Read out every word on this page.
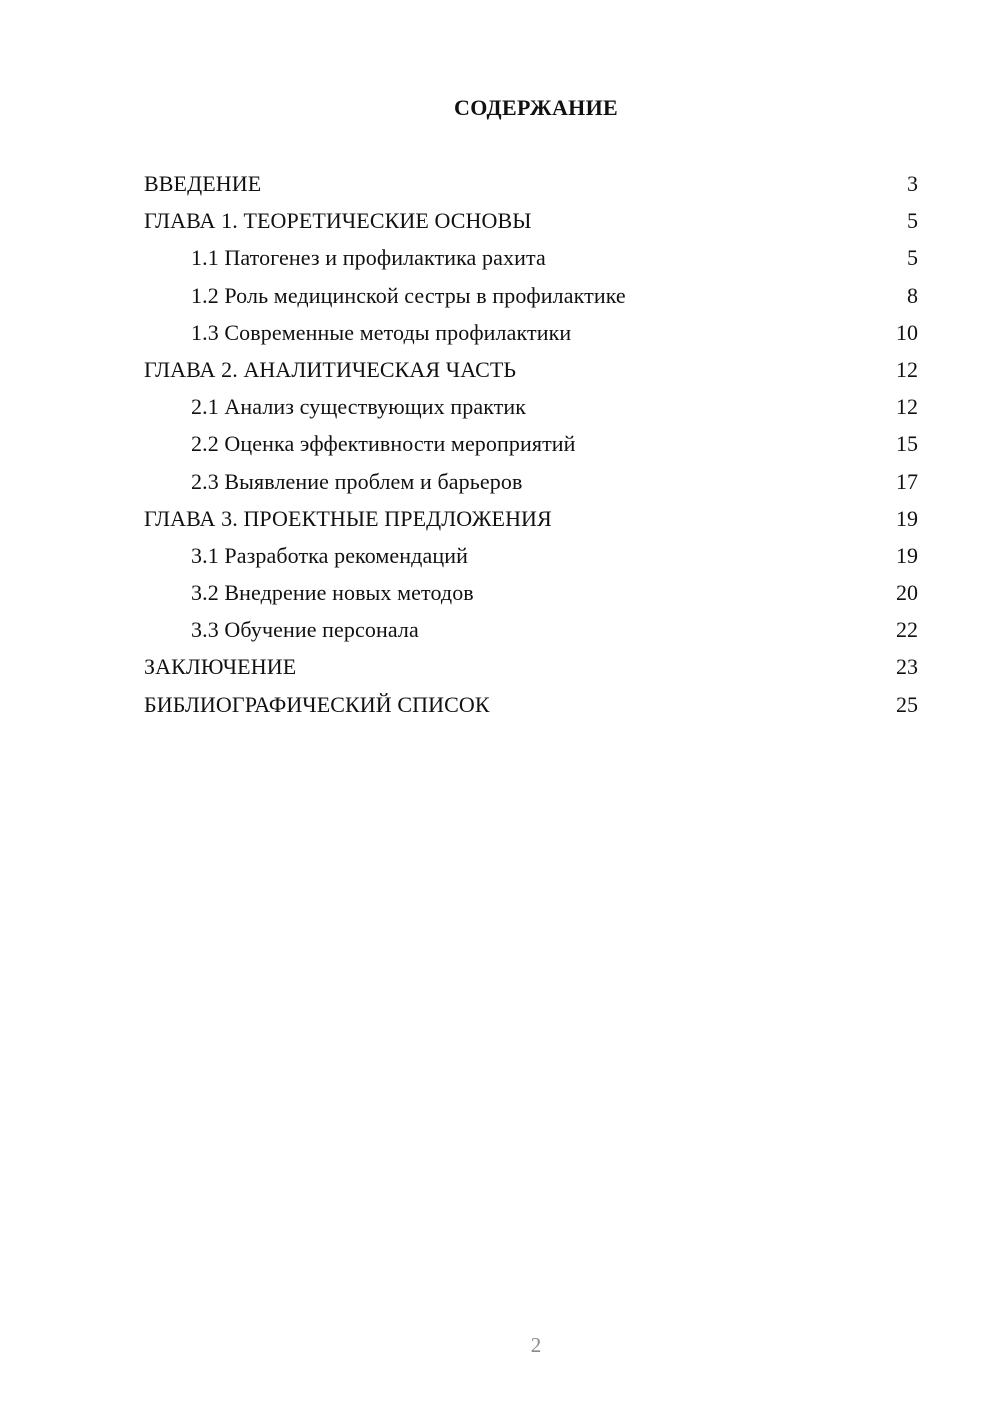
СОДЕРЖАНИЕ
ВВЕДЕНИЕ	3
ГЛАВА 1. ТЕОРЕТИЧЕСКИЕ ОСНОВЫ	5
1.1 Патогенез и профилактика рахита	5
1.2 Роль медицинской сестры в профилактике	8
1.3 Современные методы профилактики	10
ГЛАВА 2. АНАЛИТИЧЕСКАЯ ЧАСТЬ	12
2.1 Анализ существующих практик	12
2.2 Оценка эффективности мероприятий	15
2.3 Выявление проблем и барьеров	17
ГЛАВА 3. ПРОЕКТНЫЕ ПРЕДЛОЖЕНИЯ	19
3.1 Разработка рекомендаций	19
3.2 Внедрение новых методов	20
3.3 Обучение персонала	22
ЗАКЛЮЧЕНИЕ	23
БИБЛИОГРАФИЧЕСКИЙ СПИСОК	25
2
